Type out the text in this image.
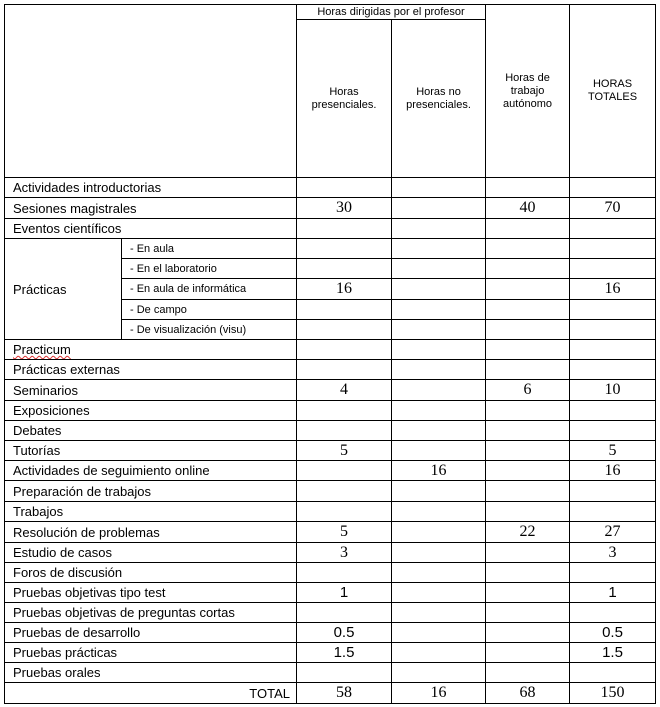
		Horas dirigidas por el profesor		Horas de trabajo autónomo	HORAS TOTALES
		Horas presenciales.	Horas no presenciales.		
Actividades introductorias					
Sesiones magistrales		30		40	70
Eventos científicos					
Prácticas	- En aula				
	- En el laboratorio				
	- En aula de informática	16			16
	- De campo				
	- De visualización (visu)				
Practicum					
Prácticas externas					
Seminarios		4		6	10
Exposiciones					
Debates					
Tutorías		5			5
Actividades de seguimiento online			16		16
Preparación de trabajos					
Trabajos					
Resolución de problemas		5		22	27
Estudio de casos		3			3
Foros de discusión					
Pruebas objetivas tipo test		1			1
Pruebas objetivas de preguntas cortas					
Pruebas de desarrollo		0.5			0.5
Pruebas prácticas		1.5			1.5
Pruebas orales					
TOTAL		58	16	68	150
